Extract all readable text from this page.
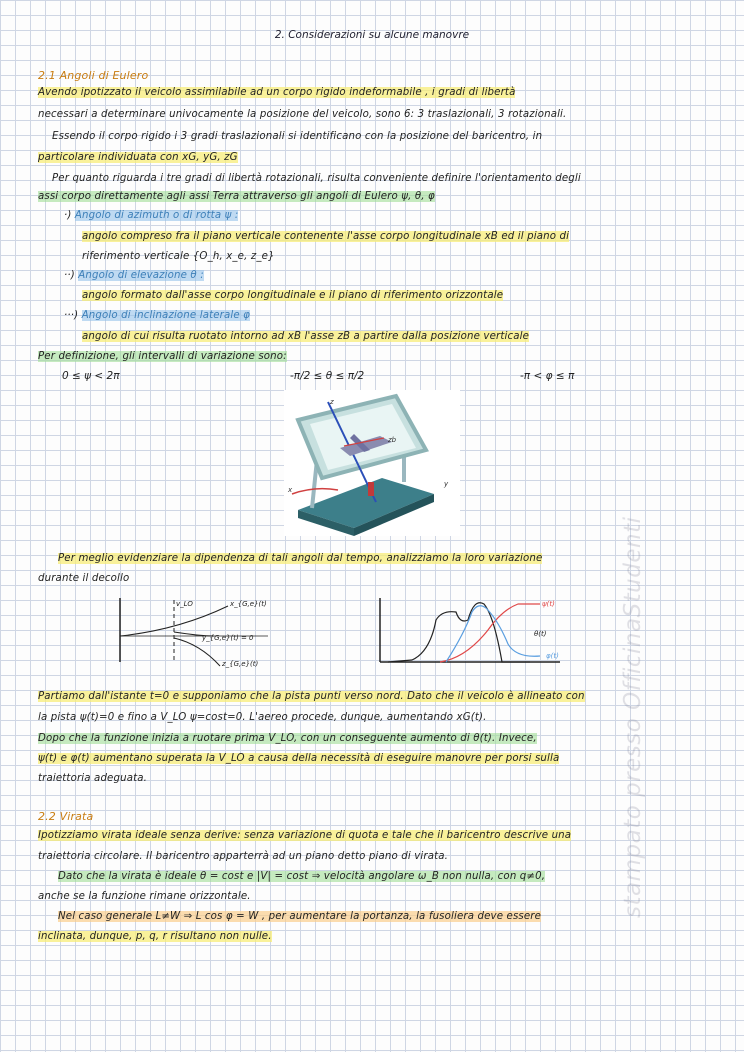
2. Considerazioni su alcune manovre
2.1 Angoli di Eulero
Avendo ipotizzato il veicolo assimilabile ad un corpo rigido indeformabile , i gradi di libertà
necessari a determinare univocamente la posizione del veicolo, sono 6: 3 traslazionali, 3 rotazionali.
Essendo il corpo rigido i 3 gradi traslazionali si identificano con la posizione del baricentro, in
particolare individuata con xG, yG, zG
Per quanto riguarda i tre gradi di libertà rotazionali, risulta conveniente definire l'orientamento degli
assi corpo direttamente agli assi Terra attraverso gli angoli di Eulero ψ, θ, φ
·) Angolo di azimuth o di rotta ψ :
angolo compreso fra il piano verticale contenente l'asse corpo longitudinale xB ed il piano di
riferimento verticale {O_h, x_e, z_e}
··) Angolo di elevazione θ :
angolo formato dall'asse corpo longitudinale e il piano di riferimento orizzontale
···) Angolo di inclinazione laterale φ
angolo di cui risulta ruotato intorno ad xB l'asse zB a partire dalla posizione verticale
Per definizione, gli intervalli di variazione sono:
0 ≤ ψ < 2π	-π/2 ≤ θ ≤ π/2	-π < φ ≤ π
z
x
y
zb
Per meglio evidenziare la dipendenza di tali angoli dal tempo, analizziamo la loro variazione
durante il decollo
v_LO	x_{G,e}(t)
y_{G,e}(t) = 0
z_{G,e}(t)
ψ(t)
θ(t)
φ(t)
Partiamo dall'istante t=0 e supponiamo che la pista punti verso nord. Dato che il veicolo è allineato con
la pista ψ(t)=0 e fino a V_LO ψ=cost=0. L'aereo procede, dunque, aumentando xG(t).
Dopo che la funzione inizia a ruotare prima V_LO, con un conseguente aumento di θ(t). Invece,
ψ(t) e φ(t) aumentano superata la V_LO a causa della necessità di eseguire manovre per porsi sulla
traiettoria adeguata.
2.2 Virata
Ipotizziamo virata ideale senza derive: senza variazione di quota e tale che il baricentro descrive una
traiettoria circolare. Il baricentro apparterrà ad un piano detto piano di virata.
Dato che la virata è ideale θ = cost e |V| = cost ⇒ velocità angolare ω_B non nulla, con q≠0,
anche se la funzione rimane orizzontale.
Nel caso generale L≠W ⇒ L cos φ = W , per aumentare la portanza, la fusoliera deve essere
inclinata, dunque, p, q, r risultano non nulle.
stampato presso OfficinaStudenti
